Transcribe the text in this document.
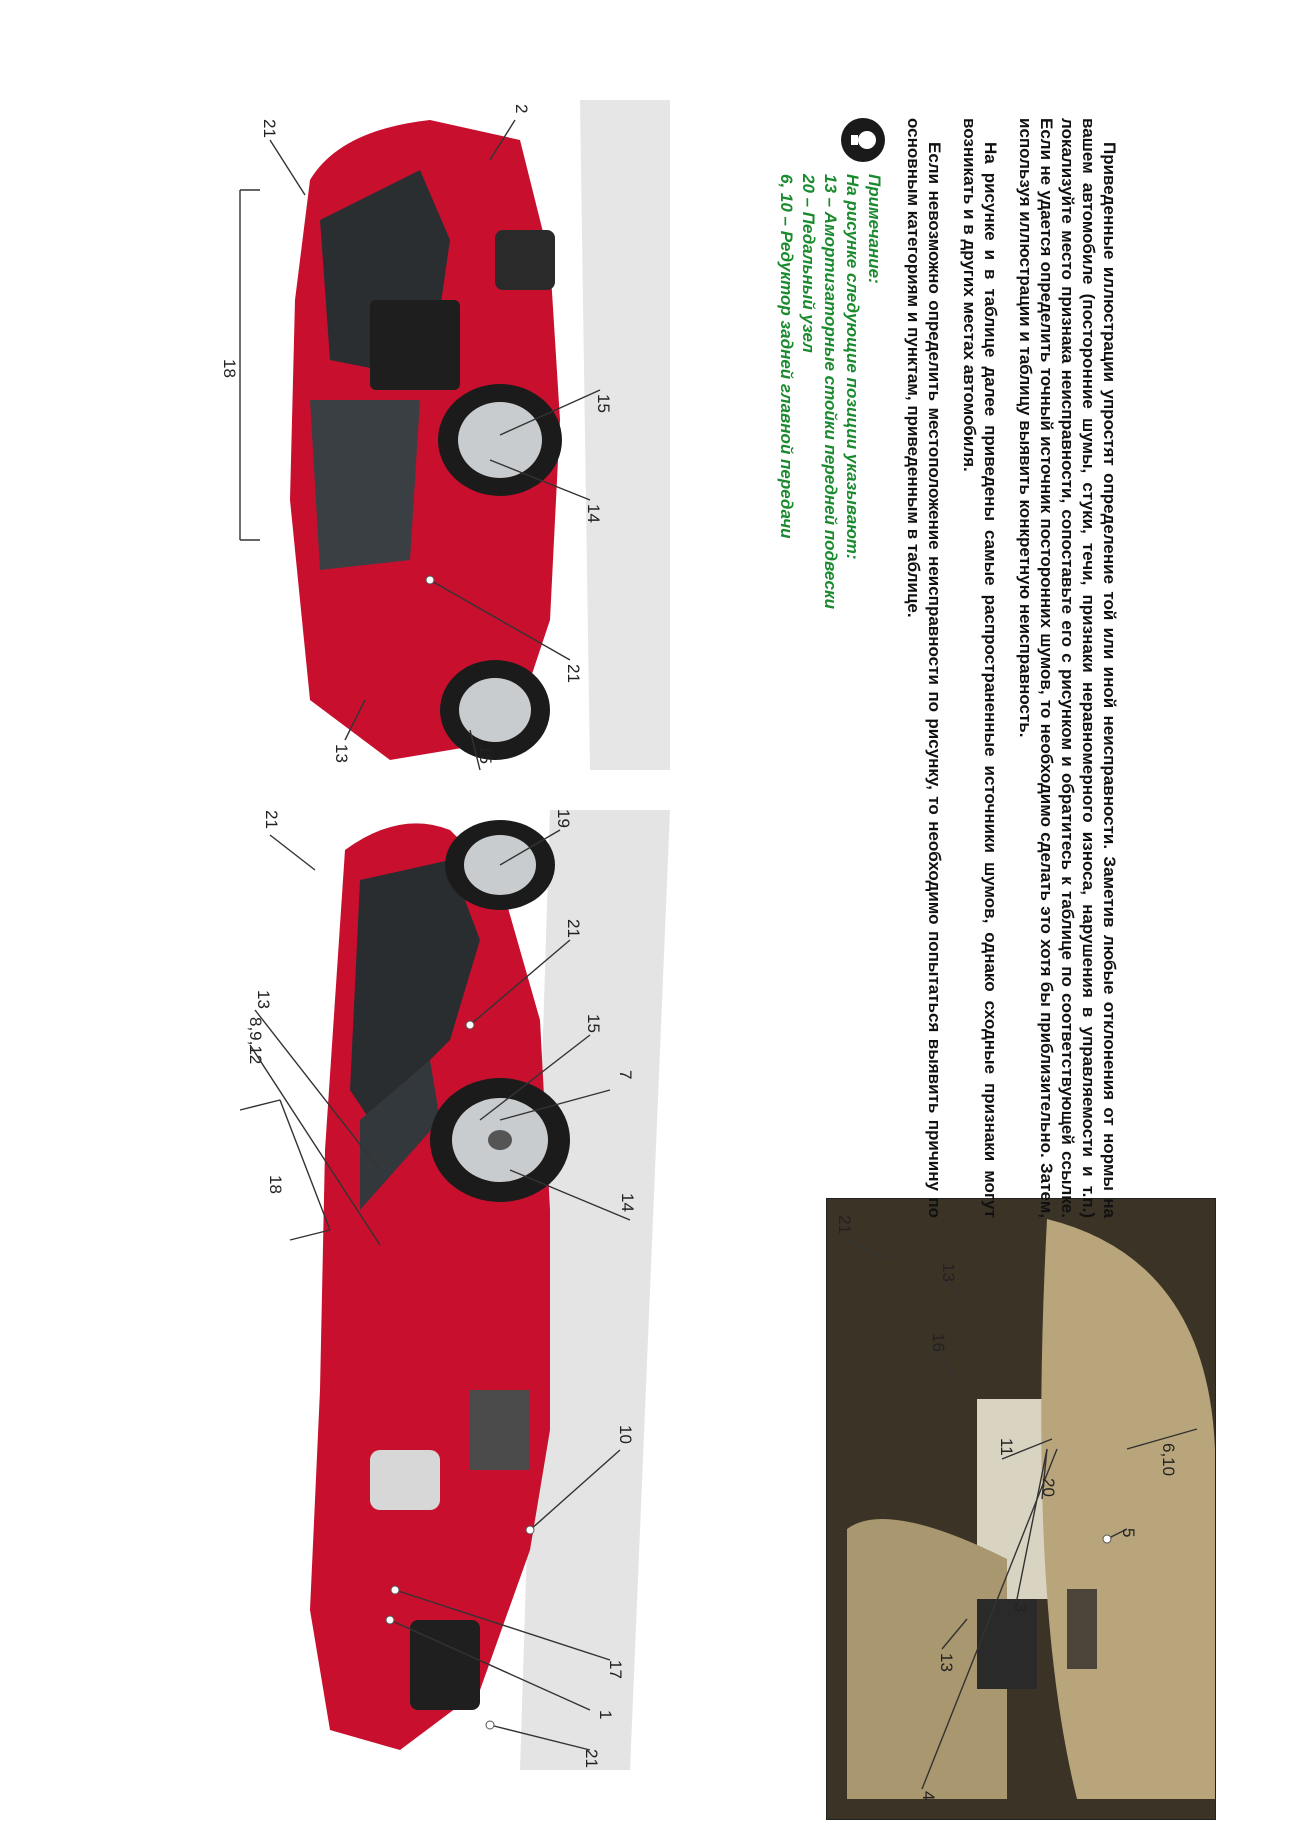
21
8,9,12
13
18
1
17
10
14
7
15
21
19
21
21
18
2
15
14
21
13	15
21
16
13
11
20
3
13
4
5
6,10

Приведенные иллюстрации упростят определение той или иной неисправности. Заметив любые отклонения от нормы на вашем автомобиле (посторонние шумы, стуки, течи, признаки неравномерного износа, нарушения в управляемости и т.п.) локализуйте место признака неисправности, сопоставьте его с рисунком и обратитесь к таблице по соответствующей ссылке. Если не удается определить точный источник посторонних шумов, то необходимо сделать это хотя бы приблизительно. Затем, используя иллюстрации и таблицу выявить конкретную неисправность.

На рисунке и в таблице далее приведены самые распространенные источники шумов, однако сходные признаки могут возникать и в других местах автомобиля.

Если невозможно определить местоположение неисправности по рисунку, то необходимо попытаться выявить причину по основным категориям и пунктам, приведенным в таблице.

Примечание:
На рисунке следующие позиции указывают:
13 – Амортизаторные стойки передней подвески
20 – Педальный узел
6, 10 – Редуктор задней главной передачи
